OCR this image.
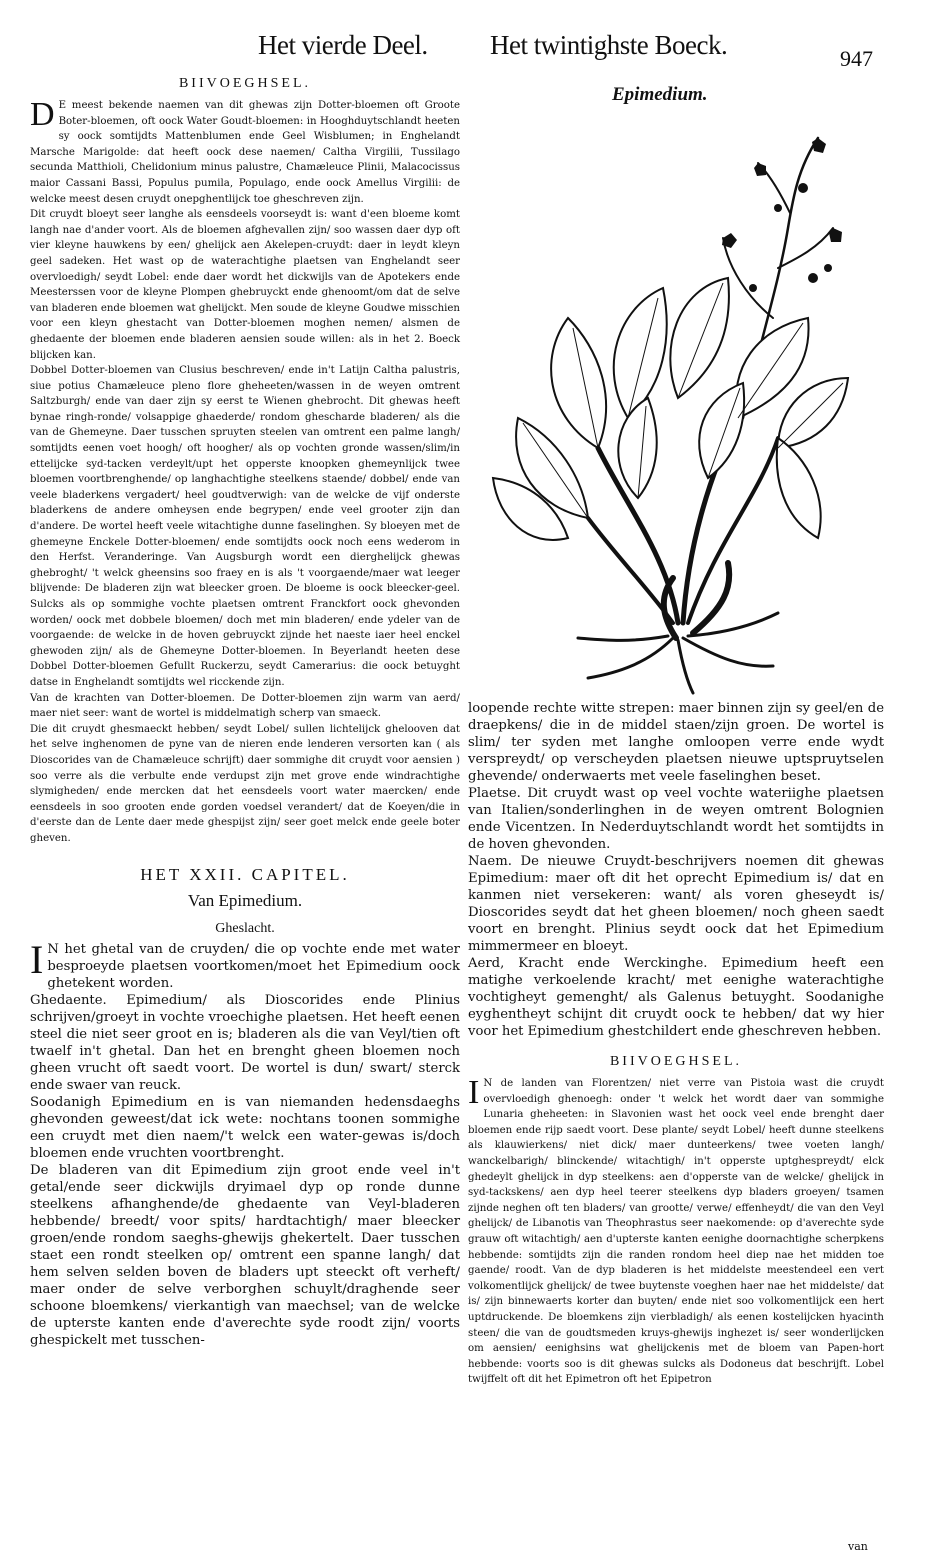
Het vierde Deel. Het twintighste Boeck.	947
BIIVOEGHSEL.

D E meest bekende naemen van dit ghewas zijn Dotter-bloemen oft Groote Boter-bloemen, oft oock Water Goudt-bloemen: in Hooghduytschlandt heeten sy oock somtijdts Mattenblumen ende Geel Wisblumen; in Enghelandt Marsche Marigolde: dat heeft oock dese naemen/ Caltha Virgilii, Tussilago secunda Matthioli, Chelidonium minus palustre, Chamæleuce Plinii, Malacocissus maior Cassani Bassi, Populus pumila, Populago, ende oock Amellus Virgilii: de welcke meest desen cruydt onepghentlijck toe gheschreven zijn.

Dit cruydt bloeyt seer langhe als eensdeels voorseydt is: want d'een bloeme komt langh nae d'ander voort. Als de bloemen afghevallen zijn/ soo wassen daer dyp oft vier kleyne hauwkens by een/ ghelijck aen Akelepen-cruydt: daer in leydt kleyn geel sadeken. Het wast op de waterachtighe plaetsen van Enghelandt seer overvloedigh/ seydt Lobel: ende daer wordt het dickwijls van de Apotekers ende Meesterssen voor de kleyne Plompen ghebruyckt ende ghenoomt/om dat de selve van bladeren ende bloemen wat ghelijckt. Men soude de kleyne Goudwe misschien voor een kleyn ghestacht van Dotter-bloemen moghen nemen/ alsmen de ghedaente der bloemen ende bladeren aensien soude willen: als in het 2. Boeck blijcken kan.

Dobbel Dotter-bloemen van Clusius beschreven/ ende in't Latijn Caltha palustris, siue potius Chamæleuce pleno flore gheheeten/wassen in de weyen omtrent Saltzburgh/ ende van daer zijn sy eerst te Wienen ghebrocht. Dit ghewas heeft bynae ringh-ronde/ volsappige ghaederde/ rondom ghescharde bladeren/ als die van de Ghemeyne. Daer tusschen spruyten steelen van omtrent een palme langh/ somtijdts eenen voet hoogh/ oft hoogher/ als op vochten gronde wassen/slim/in ettelijcke syd-tacken verdeylt/upt het opperste knoopken ghemeynlijck twee bloemen voortbrenghende/ op langhachtighe steelkens staende/ dobbel/ ende van veele bladerkens vergadert/ heel goudtverwigh: van de welcke de vijf onderste bladerkens de andere omheysen ende begrypen/ ende veel grooter zijn dan d'andere. De wortel heeft veele witachtighe dunne faselinghen. Sy bloeyen met de ghemeyne Enckele Dotter-bloemen/ ende somtijdts oock noch eens wederom in den Herfst. Veranderinge. Van Augsburgh wordt een dierghelijck ghewas ghebroght/ 't welck gheensins soo fraey en is als 't voorgaende/maer wat leeger blijvende: De bladeren zijn wat bleecker groen. De bloeme is oock bleecker-geel. Sulcks als op sommighe vochte plaetsen omtrent Franckfort oock ghevonden worden/ oock met dobbele bloemen/ doch met min bladeren/ ende ydeler van de voorgaende: de welcke in de hoven gebruyckt zijnde het naeste iaer heel enckel ghewoden zijn/ als de Ghemeyne Dotter-bloemen. In Beyerlandt heeten dese Dobbel Dotter-bloemen Gefullt Ruckerzu, seydt Camerarius: die oock betuyght datse in Enghelandt somtijdts wel ricckende zijn.

Van de krachten van Dotter-bloemen. De Dotter-bloemen zijn warm van aerd/ maer niet seer: want de wortel is middelmatigh scherp van smaeck.

Die dit cruydt ghesmaeckt hebben/ seydt Lobel/ sullen lichtelijck ghelooven dat het selve inghenomen de pyne van de nieren ende lenderen versorten kan ( als Dioscorides van de Chamæleuce schrijft) daer sommighe dit cruydt voor aensien ) soo verre als die verbulte ende verdupst zijn met grove ende windrachtighe slymigheden/ ende mercken dat het eensdeels voort water maercken/ ende eensdeels in soo grooten ende gorden voedsel verandert/ dat de Koeyen/die in d'eerste dan de Lente daer mede ghespijst zijn/ seer goet melck ende geele boter gheven.

HET XXII. CAPITEL.
Van Epimedium.
Gheslacht.

I N het ghetal van de cruyden/ die op vochte ende met water besproeyde plaetsen voortkomen/moet het Epimedium oock ghetekent worden.

Ghedaente. Epimedium/ als Dioscorides ende Plinius schrijven/groeyt in vochte vroechighe plaetsen. Het heeft eenen steel die niet seer groot en is; bladeren als die van Veyl/tien oft twaelf in't ghetal. Dan het en brenght gheen bloemen noch gheen vrucht oft saedt voort. De wortel is dun/ swart/ sterck ende swaer van reuck.

Soodanigh Epimedium en is van niemanden hedensdaeghs ghevonden geweest/dat ick wete: nochtans toonen sommighe een cruydt met dien naem/'t welck een water-gewas is/doch bloemen ende vruchten voortbrenght.

De bladeren van dit Epimedium zijn groot ende veel in't getal/ende seer dickwijls dryimael dyp op ronde dunne steelkens afhanghende/de ghedaente van Veyl-bladeren hebbende/ breedt/ voor spits/ hardtachtigh/ maer bleecker groen/ende rondom saeghs-ghewijs ghekertelt. Daer tusschen staet een rondt steelken op/ omtrent een spanne langh/ dat hem selven selden boven de bladers upt steeckt oft verheft/ maer onder de selve verborghen schuylt/draghende seer schoone bloemkens/ vierkantigh van maechsel; van de welcke de upterste kanten ende d'averechte syde roodt zijn/ voorts ghespickelt met tusschen-

Epimedium.

loopende rechte witte strepen: maer binnen zijn sy geel/en de draepkens/ die in de middel staen/zijn groen. De wortel is slim/ ter syden met langhe omloopen verre ende wydt verspreydt/ op verscheyden plaetsen nieuwe uptspruytselen ghevende/ onderwaerts met veele faselinghen beset.

Plaetse. Dit cruydt wast op veel vochte wateriighe plaetsen van Italien/sonderlinghen in de weyen omtrent Bolognien ende Vicentzen. In Nederduytschlandt wordt het somtijdts in de hoven ghevonden.

Naem. De nieuwe Cruydt-beschrijvers noemen dit ghewas Epimedium: maer oft dit het oprecht Epimedium is/ dat en kanmen niet versekeren: want/ als voren gheseydt is/ Dioscorides seydt dat het gheen bloemen/ noch gheen saedt voort en brenght. Plinius seydt oock dat het Epimedium mimmermeer en bloeyt.

Aerd, Kracht ende Werckinghe. Epimedium heeft een matighe verkoelende kracht/ met eenighe waterachtighe vochtigheyt gemenght/ als Galenus betuyght. Soodanighe eyghentheyt schijnt dit cruydt oock te hebben/ dat wy hier voor het Epimedium ghestchildert ende gheschreven hebben.

BIIVOEGHSEL.

I N de landen van Florentzen/ niet verre van Pistoia wast die cruydt overvloedigh ghenoegh: onder 't welck het wordt daer van sommighe Lunaria gheheeten: in Slavonien wast het oock veel ende brenght daer bloemen ende rijp saedt voort. Dese plante/ seydt Lobel/ heeft dunne steelkens als klauwierkens/ niet dick/ maer dunteerkens/ twee voeten langh/ wanckelbarigh/ blinckende/ witachtigh/ in't opperste uptghespreydt/ elck ghedeylt ghelijck in dyp steelkens: aen d'opperste van de welcke/ ghelijck in syd-tackskens/ aen dyp heel teerer steelkens dyp bladers groeyen/ tsamen zijnde neghen oft ten bladers/ van grootte/ verwe/ effenheydt/ die van den Veyl ghelijck/ de Libanotis van Theophrastus seer naekomende: op d'averechte syde grauw oft witachtigh/ aen d'upterste kanten eenighe doornachtighe scherpkens hebbende: somtijdts zijn die randen rondom heel diep nae het midden toe gaende/ roodt. Van de dyp bladeren is het middelste meestendeel een vert volkomentlijck ghelijck/ de twee buytenste voeghen haer nae het middelste/ dat is/ zijn binnewaerts korter dan buyten/ ende niet soo volkomentlijck een hert uptdruckende. De bloemkens zijn vierbladigh/ als eenen kostelijcken hyacinth steen/ die van de goudtsmeden kruys-ghewijs inghezet is/ seer wonderlijcken om aensien/ eenighsins wat ghelijckenis met de bloem van Papen-hort hebbende: voorts soo is dit ghewas sulcks als Dodoneus dat beschrijft. Lobel twijffelt oft dit het Epimetron oft het Epipetron

van
